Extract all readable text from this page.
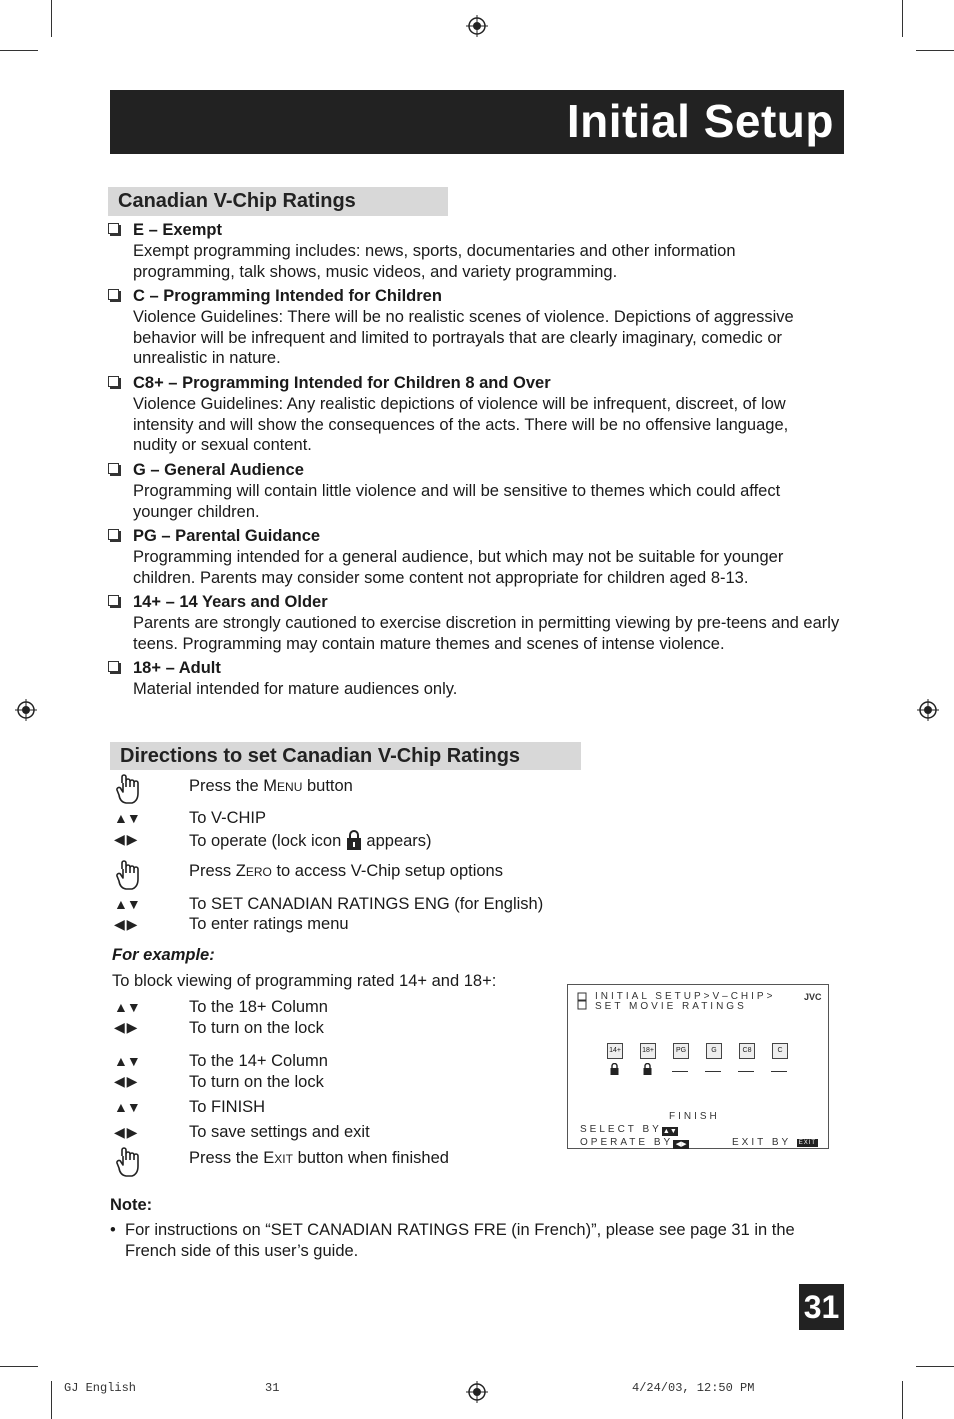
Initial Setup
Canadian V-Chip Ratings
E – Exempt
Exempt programming includes: news, sports, documentaries and other information programming, talk shows, music videos, and variety programming.
C – Programming Intended for Children
Violence Guidelines: There will be no realistic scenes of violence. Depictions of aggressive behavior will be infrequent and limited to portrayals that are clearly imaginary, comedic or unrealistic in nature.
C8+ – Programming Intended for Children 8 and Over
Violence Guidelines: Any realistic depictions of violence will be infrequent, discreet, of low intensity and will show the consequences of the acts. There will be no offensive language, nudity or sexual content.
G – General Audience
Programming will contain little violence and will be sensitive to themes which could affect younger children.
PG – Parental Guidance
Programming intended for a general audience, but which may not be suitable for younger children. Parents may consider some content not appropriate for children aged 8-13.
14+ – 14 Years and Older
Parents are strongly cautioned to exercise discretion in permitting viewing by pre-teens and early teens. Programming may contain mature themes and scenes of intense violence.
18+ – Adult
Material intended for mature audiences only.
Directions to set Canadian V-Chip Ratings
Press the Menu button
▲▼	To V-CHIP
◀ ▶	To operate (lock icon  appears)
Press Zero to access V-Chip setup options
▲▼	To SET CANADIAN RATINGS ENG (for English)
◀ ▶	To enter ratings menu
For example:
To block viewing of programming rated 14+ and 18+:
▲▼	To the 18+ Column
◀ ▶	To turn on the lock
▲▼	To the 14+ Column
◀ ▶	To turn on the lock
▲▼	To FINISH
◀ ▶	To save settings and exit
Press the Exit button when finished
INITIAL SETUP>V–CHIP>
SET MOVIE RATINGS
JVC
14+	18+	PG	G	C8	C
FINISH
SELECT BY▲▼
OPERATE BY ◀▶	EXIT BY EXIT
Note:
• For instructions on “SET CANADIAN RATINGS FRE (in French)”, please see page 31 in the French side of this user’s guide.
31
GJ English	31	4/24/03, 12:50 PM
